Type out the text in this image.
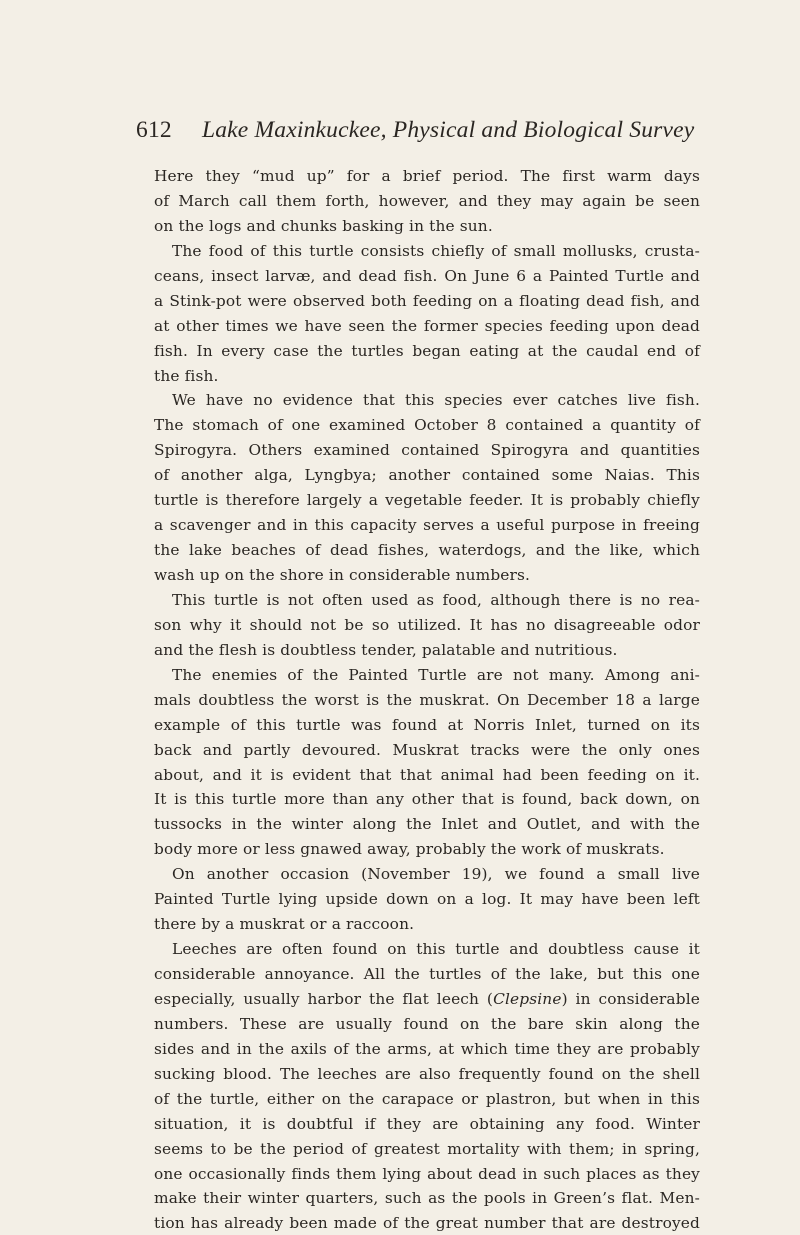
612 Lake Maxinkuckee, Physical and Biological Survey
Here they “mud up” for a brief period. The first warm days
of March call them forth, however, and they may again be seen
on the logs and chunks basking in the sun.
The food of this turtle consists chiefly of small mollusks, crusta-
ceans, insect larvæ, and dead fish. On June 6 a Painted Turtle and
a Stink-pot were observed both feeding on a floating dead fish, and
at other times we have seen the former species feeding upon dead
fish. In every case the turtles began eating at the caudal end of
the fish.
We have no evidence that this species ever catches live fish.
The stomach of one examined October 8 contained a quantity of
Spirogyra. Others examined contained Spirogyra and quantities
of another alga, Lyngbya; another contained some Naias. This
turtle is therefore largely a vegetable feeder. It is probably chiefly
a scavenger and in this capacity serves a useful purpose in freeing
the lake beaches of dead fishes, waterdogs, and the like, which
wash up on the shore in considerable numbers.
This turtle is not often used as food, although there is no rea-
son why it should not be so utilized. It has no disagreeable odor
and the flesh is doubtless tender, palatable and nutritious.
The enemies of the Painted Turtle are not many. Among ani-
mals doubtless the worst is the muskrat. On December 18 a large
example of this turtle was found at Norris Inlet, turned on its
back and partly devoured. Muskrat tracks were the only ones
about, and it is evident that that animal had been feeding on it.
It is this turtle more than any other that is found, back down, on
tussocks in the winter along the Inlet and Outlet, and with the
body more or less gnawed away, probably the work of muskrats.
On another occasion (November 19), we found a small live
Painted Turtle lying upside down on a log. It may have been left
there by a muskrat or a raccoon.
Leeches are often found on this turtle and doubtless cause it
considerable annoyance. All the turtles of the lake, but this one
especially, usually harbor the flat leech (Clepsine) in considerable
numbers. These are usually found on the bare skin along the
sides and in the axils of the arms, at which time they are probably
sucking blood. The leeches are also frequently found on the shell
of the turtle, either on the carapace or plastron, but when in this
situation, it is doubtful if they are obtaining any food. Winter
seems to be the period of greatest mortality with them; in spring,
one occasionally finds them lying about dead in such places as they
make their winter quarters, such as the pools in Green’s flat. Men-
tion has already been made of the great number that are destroyed
